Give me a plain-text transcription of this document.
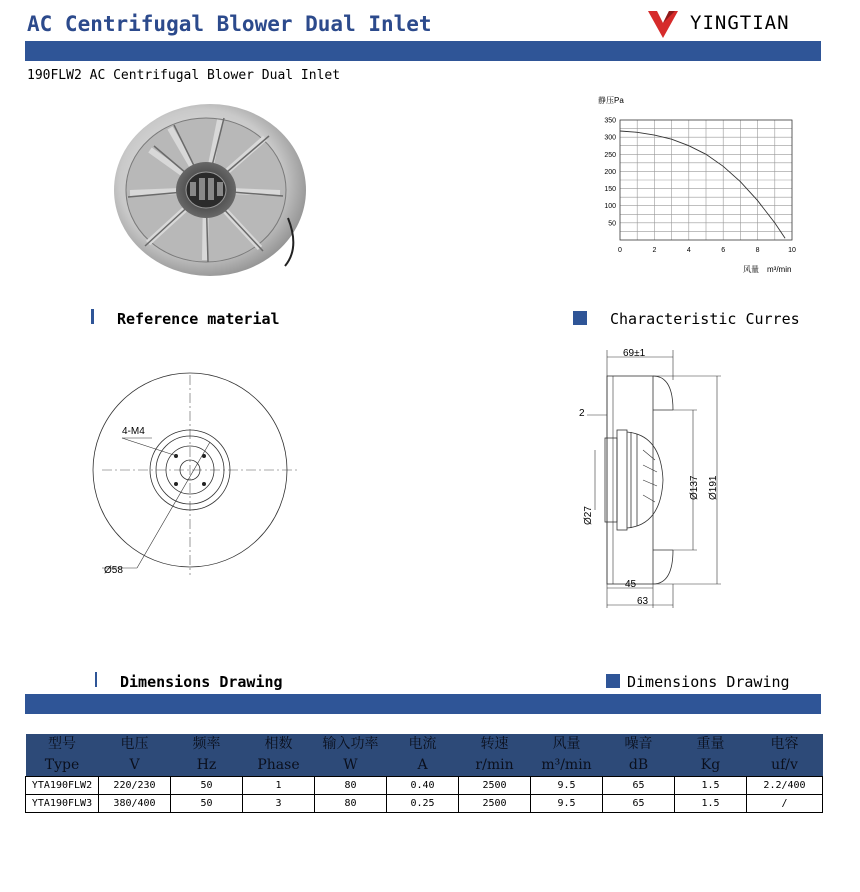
AC Centrifugal Blower Dual Inlet	YINGTIAN
190FLW2 AC Centrifugal Blower Dual Inlet
静压Pa
350
300
250
200
150
100
50
0	2	4	6	8	10
风量 m³/min
Reference material	Characteristic Curres
4-M4
Ø58
69±1
2
Ø27
Ø137 Ø191
45
63
Dimensions Drawing	Dimensions Drawing
型号	电压	频率	相数	输入功率	电流	转速	风量	噪音	重量	电容
Type	V	Hz	Phase	W	A	r/min	m³/min	dB	Kg	uf/v
YTA190FLW2	220/230	50	1	80	0.40	2500	9.5	65	1.5	2.2/400
YTA190FLW3	380/400	50	3	80	0.25	2500	9.5	65	1.5	/
